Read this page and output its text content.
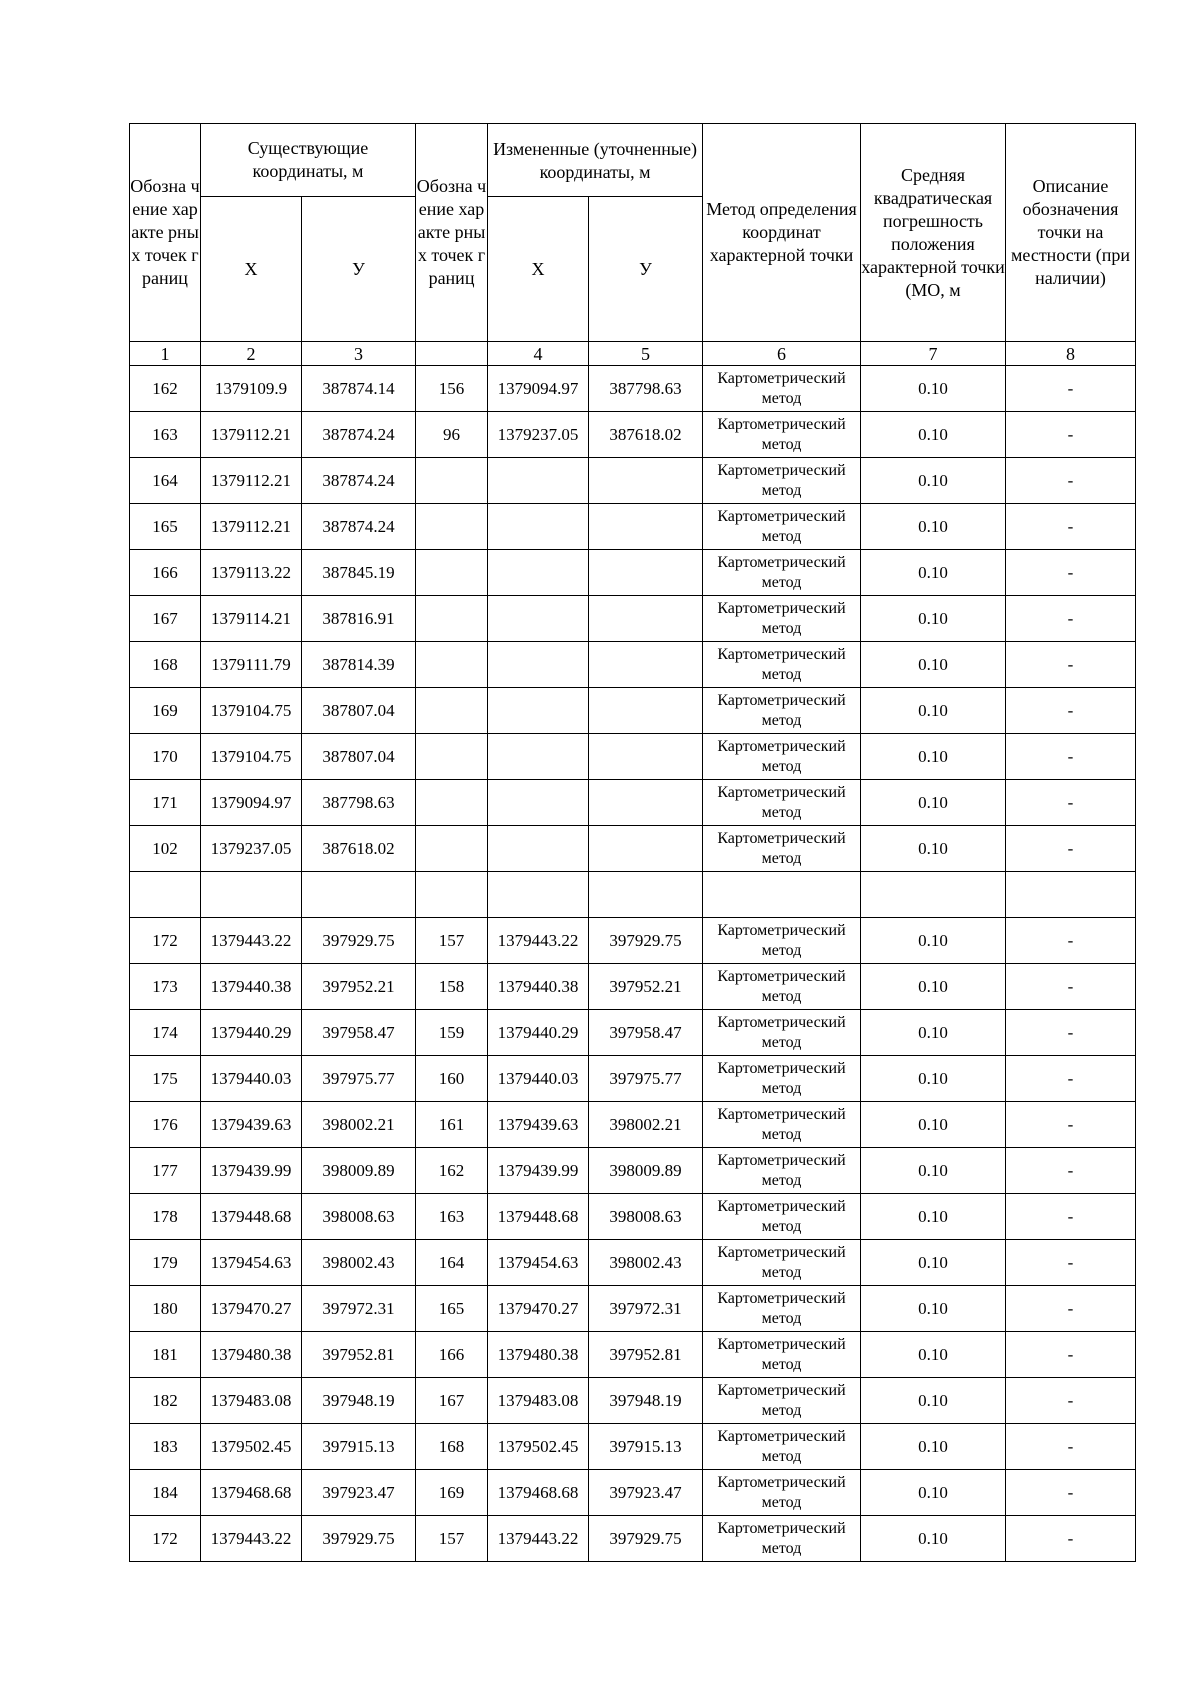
Обозна чение характе рных точек границ	Существующие координаты, м		Обозна чение характе рных точек границ	Измененные (уточненные) координаты, м		Метод определения координат характерной точки	Средняя квадратическая погрешность положения характерной точки (МО, м	Описание обозначения точки на местности (при наличии)
	Х	У		Х	У			
1	2	3		4	5	6	7	8
162	1379109.9	387874.14	156	1379094.97	387798.63	Картометрический метод	0.10	-
163	1379112.21	387874.24	96	1379237.05	387618.02	Картометрический метод	0.10	-
164	1379112.21	387874.24				Картометрический метод	0.10	-
165	1379112.21	387874.24				Картометрический метод	0.10	-
166	1379113.22	387845.19				Картометрический метод	0.10	-
167	1379114.21	387816.91				Картометрический метод	0.10	-
168	1379111.79	387814.39				Картометрический метод	0.10	-
169	1379104.75	387807.04				Картометрический метод	0.10	-
170	1379104.75	387807.04				Картометрический метод	0.10	-
171	1379094.97	387798.63				Картометрический метод	0.10	-
102	1379237.05	387618.02				Картометрический метод	0.10	-

172	1379443.22	397929.75	157	1379443.22	397929.75	Картометрический метод	0.10	-
173	1379440.38	397952.21	158	1379440.38	397952.21	Картометрический метод	0.10	-
174	1379440.29	397958.47	159	1379440.29	397958.47	Картометрический метод	0.10	-
175	1379440.03	397975.77	160	1379440.03	397975.77	Картометрический метод	0.10	-
176	1379439.63	398002.21	161	1379439.63	398002.21	Картометрический метод	0.10	-
177	1379439.99	398009.89	162	1379439.99	398009.89	Картометрический метод	0.10	-
178	1379448.68	398008.63	163	1379448.68	398008.63	Картометрический метод	0.10	-
179	1379454.63	398002.43	164	1379454.63	398002.43	Картометрический метод	0.10	-
180	1379470.27	397972.31	165	1379470.27	397972.31	Картометрический метод	0.10	-
181	1379480.38	397952.81	166	1379480.38	397952.81	Картометрический метод	0.10	-
182	1379483.08	397948.19	167	1379483.08	397948.19	Картометрический метод	0.10	-
183	1379502.45	397915.13	168	1379502.45	397915.13	Картометрический метод	0.10	-
184	1379468.68	397923.47	169	1379468.68	397923.47	Картометрический метод	0.10	-
172	1379443.22	397929.75	157	1379443.22	397929.75	Картометрический метод	0.10	-
